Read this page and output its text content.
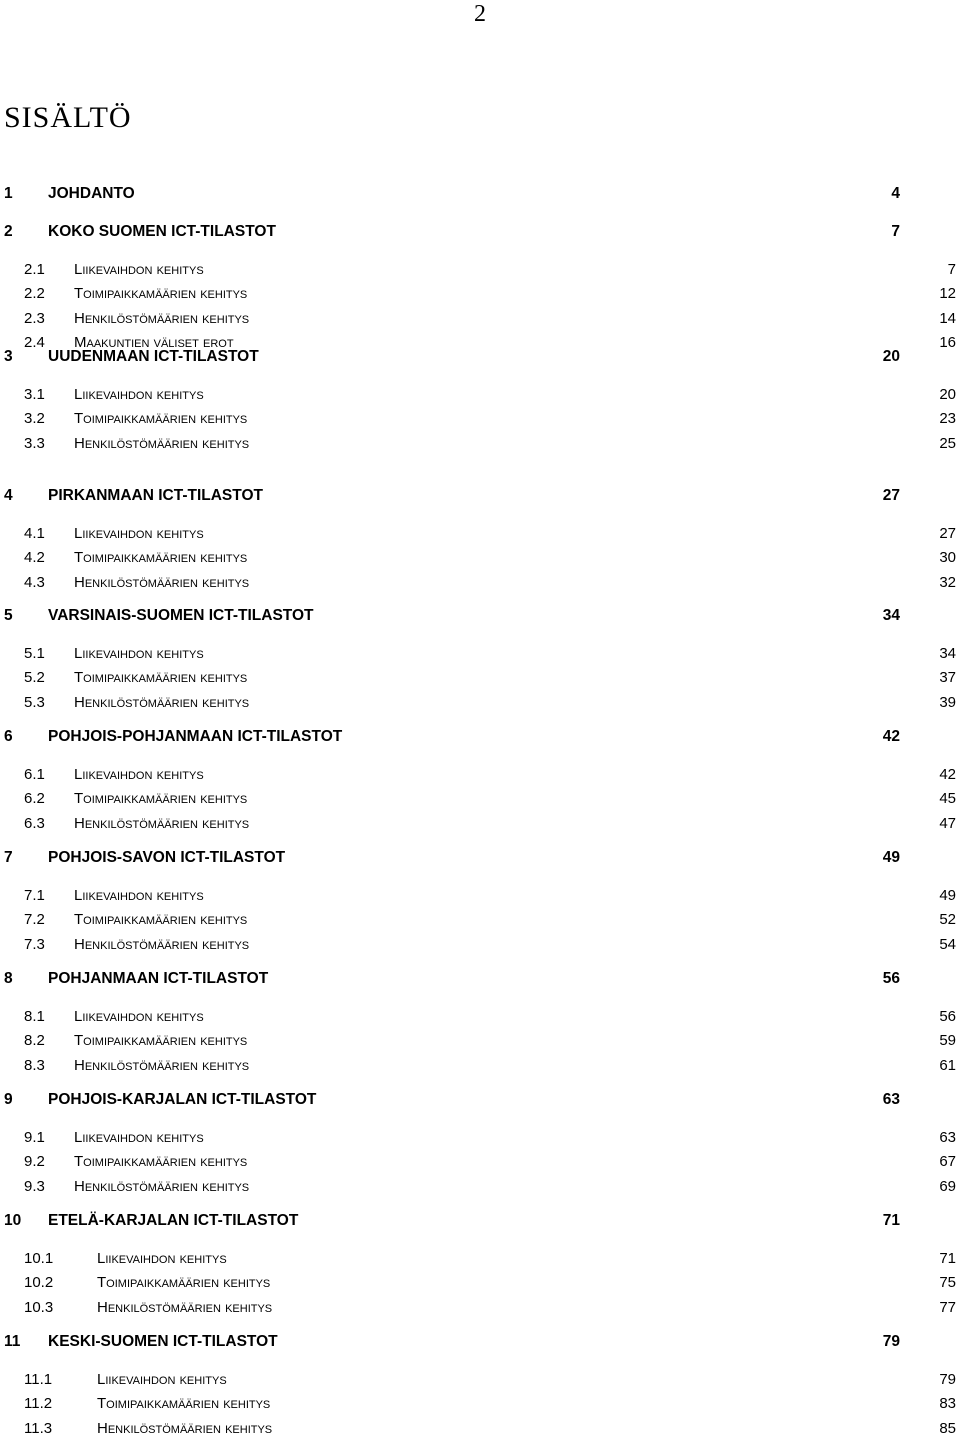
2
SISÄLTÖ
1	JOHDANTO	4
2	KOKO SUOMEN ICT-TILASTOT	7
2.1	Liikevaihdon kehitys	7
2.2	Toimipaikkamäärien kehitys	12
2.3	Henkilöstömäärien kehitys	14
2.4	Maakuntien väliset erot	16
3	UUDENMAAN ICT-TILASTOT	20
3.1	Liikevaihdon kehitys	20
3.2	Toimipaikkamäärien kehitys	23
3.3	Henkilöstömäärien kehitys	25
4	PIRKANMAAN ICT-TILASTOT	27
4.1	Liikevaihdon kehitys	27
4.2	Toimipaikkamäärien kehitys	30
4.3	Henkilöstömäärien kehitys	32
5	VARSINAIS-SUOMEN ICT-TILASTOT	34
5.1	Liikevaihdon kehitys	34
5.2	Toimipaikkamäärien kehitys	37
5.3	Henkilöstömäärien kehitys	39
6	POHJOIS-POHJANMAAN ICT-TILASTOT	42
6.1	Liikevaihdon kehitys	42
6.2	Toimipaikkamäärien kehitys	45
6.3	Henkilöstömäärien kehitys	47
7	POHJOIS-SAVON ICT-TILASTOT	49
7.1	Liikevaihdon kehitys	49
7.2	Toimipaikkamäärien kehitys	52
7.3	Henkilöstömäärien kehitys	54
8	POHJANMAAN ICT-TILASTOT	56
8.1	Liikevaihdon kehitys	56
8.2	Toimipaikkamäärien kehitys	59
8.3	Henkilöstömäärien kehitys	61
9	POHJOIS-KARJALAN ICT-TILASTOT	63
9.1	Liikevaihdon kehitys	63
9.2	Toimipaikkamäärien kehitys	67
9.3	Henkilöstömäärien kehitys	69
10	ETELÄ-KARJALAN ICT-TILASTOT	71
10.1	Liikevaihdon kehitys	71
10.2	Toimipaikkamäärien kehitys	75
10.3	Henkilöstömäärien kehitys	77
11	KESKI-SUOMEN ICT-TILASTOT	79
11.1	Liikevaihdon kehitys	79
11.2	Toimipaikkamäärien kehitys	83
11.3	Henkilöstömäärien kehitys	85
